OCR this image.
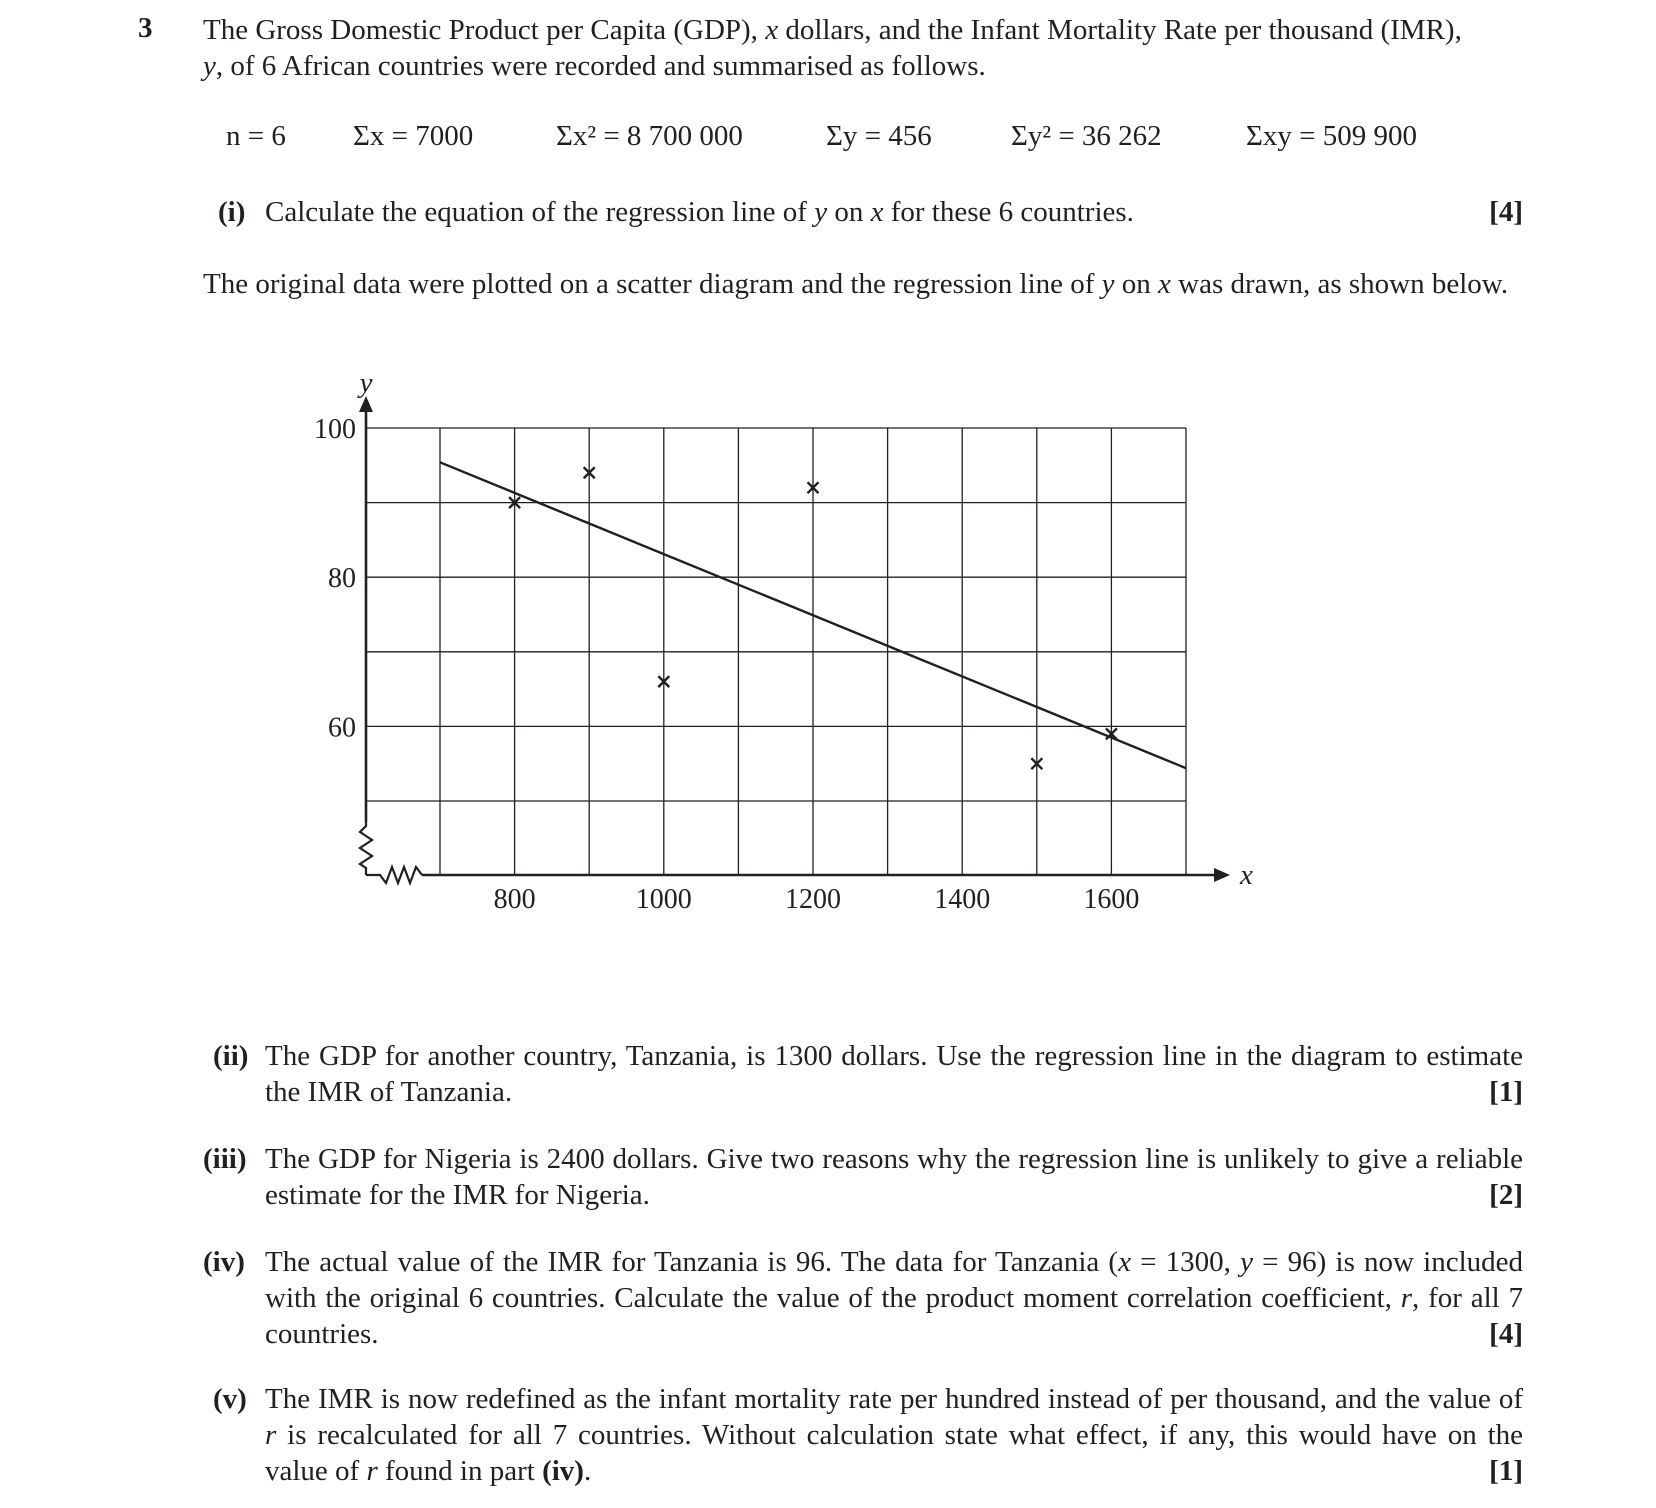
3 The Gross Domestic Product per Capita (GDP), x dollars, and the Infant Mortality Rate per thousand (IMR),
y, of 6 African countries were recorded and summarised as follows.
n = 6 Σx = 7000	Σx² = 8 700 000	Σy = 456	Σy² = 36 262	Σxy = 509 900
(i) Calculate the equation of the regression line of y on x for these 6 countries.	[4]
The original data were plotted on a scatter diagram and the regression line of y on x was drawn, as shown below.
y
x
800	1000	1200	1400	1600
60
80
100
(ii) The GDP for another country, Tanzania, is 1300 dollars. Use the regression line in the diagram to estimate the IMR of Tanzania.	[1]
(iii) The GDP for Nigeria is 2400 dollars. Give two reasons why the regression line is unlikely to give a reliable estimate for the IMR for Nigeria.	[2]
(iv) The actual value of the IMR for Tanzania is 96. The data for Tanzania (x = 1300, y = 96) is now included with the original 6 countries. Calculate the value of the product moment correlation coefficient, r, for all 7 countries.	[4]
(v) The IMR is now redefined as the infant mortality rate per hundred instead of per thousand, and the value of r is recalculated for all 7 countries. Without calculation state what effect, if any, this would have on the value of r found in part (iv).	[1]
